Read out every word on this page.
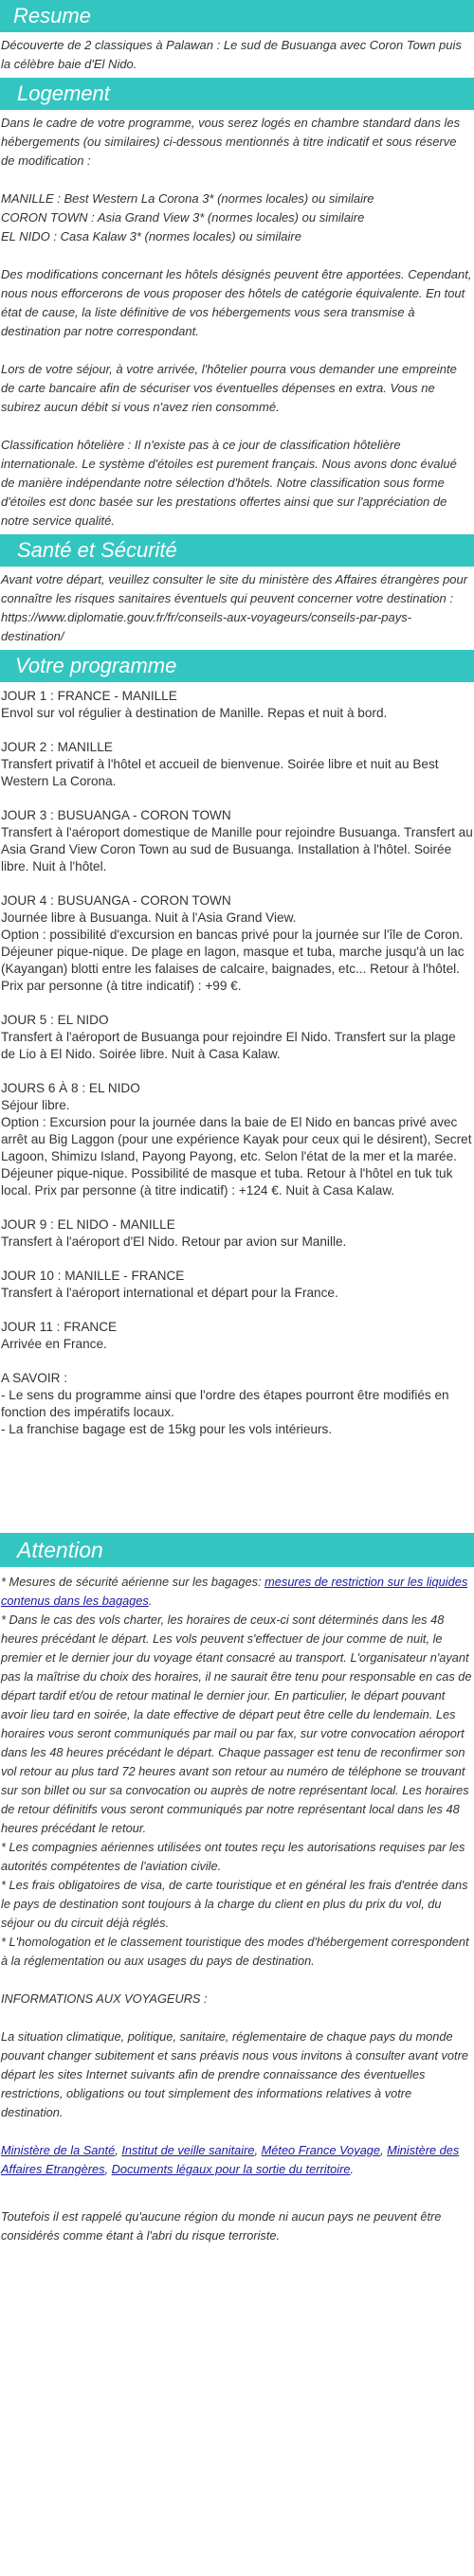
Resume

Découverte de 2 classiques à Palawan : Le sud de Busuanga avec Coron Town puis la célèbre baie d'El Nido.

Logement

Dans le cadre de votre programme, vous serez logés en chambre standard dans les hébergements (ou similaires) ci-dessous mentionnés à titre indicatif et sous réserve de modification :

MANILLE : Best Western La Corona 3* (normes locales) ou similaire

CORON TOWN : Asia Grand View 3* (normes locales) ou similaire

EL NIDO : Casa Kalaw 3* (normes locales) ou similaire

Des modifications concernant les hôtels désignés peuvent être apportées. Cependant, nous nous efforcerons de vous proposer des hôtels de catégorie équivalente. En tout état de cause, la liste définitive de vos hébergements vous sera transmise à destination par notre correspondant.

Lors de votre séjour, à votre arrivée, l'hôtelier pourra vous demander une empreinte de carte bancaire afin de sécuriser vos éventuelles dépenses en extra. Vous ne subirez aucun débit si vous n'avez rien consommé.

Classification hôtelière : Il n'existe pas à ce jour de classification hôtelière internationale. Le système d'étoiles est purement français. Nous avons donc évalué de manière indépendante notre sélection d'hôtels. Notre classification sous forme d'étoiles est donc basée sur les prestations offertes ainsi que sur l'appréciation de notre service qualité.

Santé et Sécurité

Avant votre départ, veuillez consulter le site du ministère des Affaires étrangères pour connaître les risques sanitaires éventuels qui peuvent concerner votre destination : https://www.diplomatie.gouv.fr/fr/conseils-aux-voyageurs/conseils-par-pays-destination/

Votre programme
JOUR 1 : FRANCE - MANILLE
Envol sur vol régulier à destination de Manille. Repas et nuit à bord.
JOUR 2 : MANILLE
Transfert privatif à l'hôtel et accueil de bienvenue. Soirée libre et nuit au Best Western La Corona.
JOUR 3 : BUSUANGA - CORON TOWN
Transfert à l'aéroport domestique de Manille pour rejoindre Busuanga. Transfert au Asia Grand View Coron Town au sud de Busuanga. Installation à l'hôtel. Soirée libre. Nuit à l'hôtel.
JOUR 4 : BUSUANGA - CORON TOWN
Journée libre à Busuanga. Nuit à l'Asia Grand View.
Option : possibilité d'excursion en bancas privé pour la journée sur l'île de Coron. Déjeuner pique-nique. De plage en lagon, masque et tuba, marche jusqu'à un lac (Kayangan) blotti entre les falaises de calcaire, baignades, etc... Retour à l'hôtel. Prix par personne (à titre indicatif) : +99 €.
JOUR 5 : EL NIDO
Transfert à l'aéroport de Busuanga pour rejoindre El Nido. Transfert sur la plage de Lio à El Nido. Soirée libre. Nuit à Casa Kalaw.
JOURS 6 À 8 : EL NIDO
Séjour libre.
Option : Excursion pour la journée dans la baie de El Nido en bancas privé avec arrêt au Big Laggon (pour une expérience Kayak pour ceux qui le désirent), Secret Lagoon, Shimizu Island, Payong Payong, etc. Selon l'état de la mer et la marée. Déjeuner pique-nique. Possibilité de masque et tuba. Retour à l'hôtel en tuk tuk local. Prix par personne (à titre indicatif) : +124 €. Nuit à Casa Kalaw.
JOUR 9 : EL NIDO - MANILLE
Transfert à l'aéroport d'El Nido. Retour par avion sur Manille.
JOUR 10 : MANILLE - FRANCE
Transfert à l'aéroport international et départ pour la France.
JOUR 11 : FRANCE
Arrivée en France.
A SAVOIR :
- Le sens du programme ainsi que l'ordre des étapes pourront être modifiés en fonction des impératifs locaux.
- La franchise bagage est de 15kg pour les vols intérieurs.
Attention

* Mesures de sécurité aérienne sur les bagages: mesures de restriction sur les liquides contenus dans les bagages.

* Dans le cas des vols charter, les horaires de ceux-ci sont déterminés dans les 48 heures précédant le départ. Les vols peuvent s'effectuer de jour comme de nuit, le premier et le dernier jour du voyage étant consacré au transport. L'organisateur n'ayant pas la maîtrise du choix des horaires, il ne saurait être tenu pour responsable en cas de départ tardif et/ou de retour matinal le dernier jour. En particulier, le départ pouvant avoir lieu tard en soirée, la date effective de départ peut être celle du lendemain. Les horaires vous seront communiqués par mail ou par fax, sur votre convocation aéroport dans les 48 heures précédant le départ. Chaque passager est tenu de reconfirmer son vol retour au plus tard 72 heures avant son retour au numéro de téléphone se trouvant sur son billet ou sur sa convocation ou auprès de notre représentant local. Les horaires de retour définitifs vous seront communiqués par notre représentant local dans les 48 heures précédant le retour.

* Les compagnies aériennes utilisées ont toutes reçu les autorisations requises par les autorités compétentes de l'aviation civile.

* Les frais obligatoires de visa, de carte touristique et en général les frais d'entrée dans le pays de destination sont toujours à la charge du client en plus du prix du vol, du séjour ou du circuit déjà réglés.

* L'homologation et le classement touristique des modes d'hébergement correspondent à la réglementation ou aux usages du pays de destination.

INFORMATIONS AUX VOYAGEURS :

La situation climatique, politique, sanitaire, réglementaire de chaque pays du monde pouvant changer subitement et sans préavis nous vous invitons à consulter avant votre départ les sites Internet suivants afin de prendre connaissance des éventuelles restrictions, obligations ou tout simplement des informations relatives à votre destination.

Ministère de la Santé, Institut de veille sanitaire, Méteo France Voyage, Ministère des Affaires Etrangères, Documents légaux pour la sortie du territoire.

Toutefois il est rappelé qu'aucune région du monde ni aucun pays ne peuvent être considérés comme étant à l'abri du risque terroriste.
